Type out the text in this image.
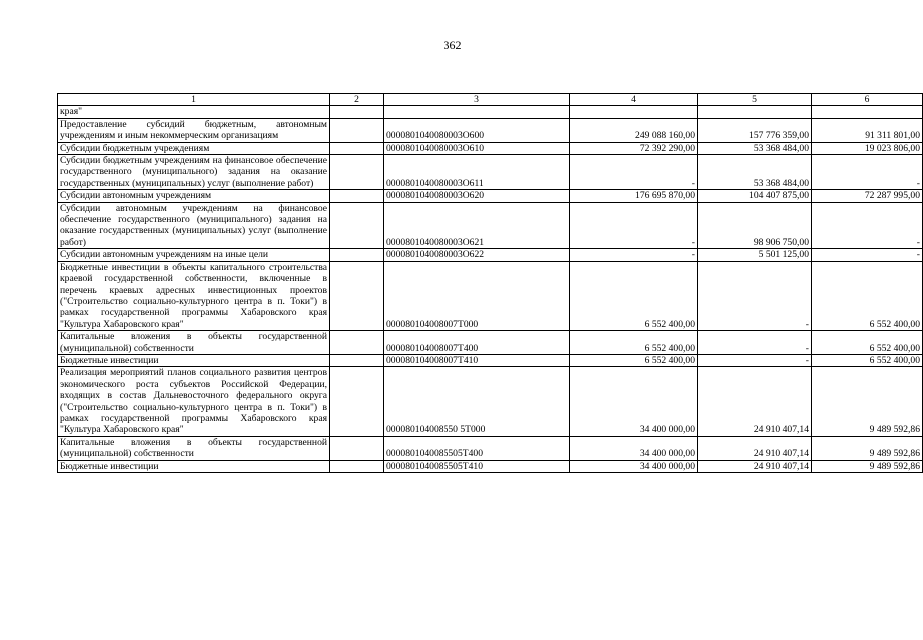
362
1	2	3	4	5	6
края"					
Предоставление субсидий бюджетным, автономным учреждениям и иным некоммерческим организациям		0000801040080003О600	249 088 160,00	157 776 359,00	91 311 801,00
Субсидии бюджетным учреждениям		0000801040080003О610	72 392 290,00	53 368 484,00	19 023 806,00
Субсидии бюджетным учреждениям на финансовое обеспечение государственного (муниципального) задания на оказание государственных (муниципальных) услуг (выполнение работ)		0000801040080003О611	-	53 368 484,00	-
Субсидии автономным учреждениям		0000801040080003О620	176 695 870,00	104 407 875,00	72 287 995,00
Субсидии автономным учреждениям на финансовое обеспечение государственного (муниципального) задания на оказание государственных (муниципальных) услуг (выполнение работ)		0000801040080003О621	-	98 906 750,00	-
Субсидии автономным учреждениям на иные цели		0000801040080003О622	-	5 501 125,00	-
Бюджетные инвестиции в объекты капитального строительства краевой государственной собственности, включенные в перечень краевых адресных инвестиционных проектов ("Строительство социально-культурного центра в п. Токи") в рамках государственной программы Хабаровского края "Культура Хабаровского края"		000080104008007Т000	6 552 400,00	-	6 552 400,00
Капитальные вложения в объекты государственной (муниципальной) собственности		000080104008007Т400	6 552 400,00	-	6 552 400,00
Бюджетные инвестиции		000080104008007Т410	6 552 400,00	-	6 552 400,00
Реализация мероприятий планов социального развития центров экономического роста субъектов Российской Федерации, входящих в состав Дальневосточного федерального округа ("Строительство социально-культурного центра в п. Токи") в рамках государственной программы Хабаровского края "Культура Хабаровского края"		000080104008550 5Т000	34 400 000,00	24 910 407,14	9 489 592,86
Капитальные вложения в объекты государственной (муниципальной) собственности		0000801040085505Т400	34 400 000,00	24 910 407,14	9 489 592,86
Бюджетные инвестиции		0000801040085505Т410	34 400 000,00	24 910 407,14	9 489 592,86
